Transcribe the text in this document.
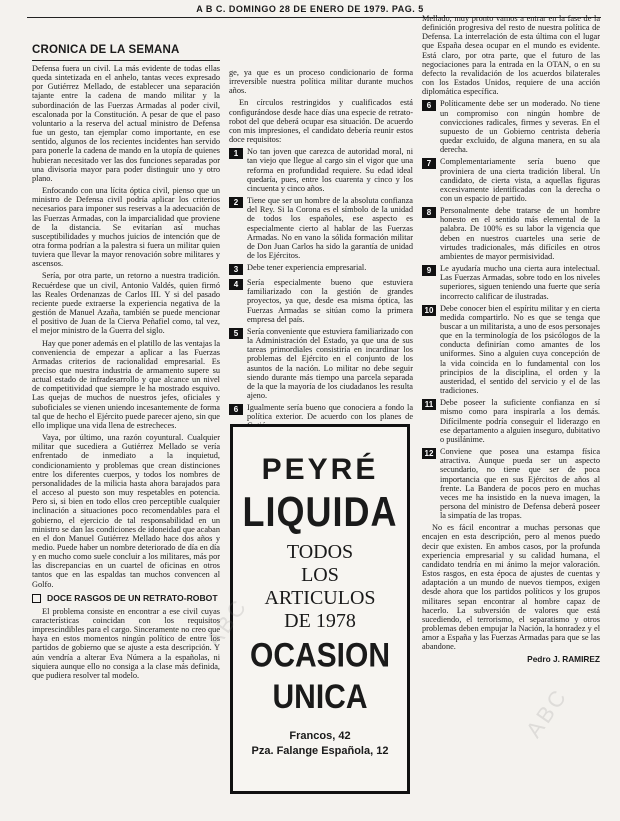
A B C. DOMINGO 28 DE ENERO DE 1979. PAG. 5
CRONICA DE LA SEMANA

Defensa fuera un civil. La más evidente de todas ellas queda sintetizada en el anhelo, tantas veces expresado por Gutiérrez Mellado, de establecer una separación tajante entre la cadena de mando militar y la subordinación de las Fuerzas Armadas al poder civil, escalonada por la Constitución. A pesar de que el paso voluntario a la reserva del actual ministro de Defensa fue un gesto, tan ejemplar como importante, en ese sentido, algunos de los recientes incidentes han servido para ponerle la cadena de mando en la utopía de quienes hubieran necesitado ver las dos funciones separadas por una divisoria mayor para poder distinguir uno y otro plano.

Enfocando con una lícita óptica civil, pienso que un ministro de Defensa civil podría aplicar los criterios necesarios para imponer sus reservas a la adecuación de las Fuerzas Armadas, con la imparcialidad que proviene de la distancia. Se evitarían así muchas susceptibilidades y muchos juicios de intención que de otra forma podrían a la palestra si fuera un militar quien tuviera que llevar la mayor renovación sobre militares y ascensos.

Sería, por otra parte, un retorno a nuestra tradición. Recuérdese que un civil, Antonio Valdés, quien firmó las Reales Ordenanzas de Carlos III. Y si del pasado reciente puede extraerse la experiencia negativa de la gestión de Manuel Azaña, también se puede mencionar el positivo de Juan de la Cierva Peñafiel como, tal vez, el mejor ministro de la Guerra del siglo.

Hay que poner además en el platillo de las ventajas la conveniencia de empezar a aplicar a las Fuerzas Armadas criterios de racionalidad empresarial. Es preciso que nuestra industria de armamento supere su actual estado de infradesarrollo y que alcance un nivel de competitividad que siempre le ha mostrado esquivo. Las quejas de muchos de nuestros jefes, oficiales y suboficiales se vienen uniendo incesantemente de forma tal que de hecho el Ejército puede parecer ajeno, sin que ello implique una vida llena de estrecheces.

Vaya, por último, una razón coyuntural. Cualquier militar que sucediera a Gutiérrez Mellado se vería enfrentado de inmediato a la inquietud, condicionamiento y problemas que crean distinciones entre los diferentes cuerpos, y todos los nombres de personalidades de la milicia hasta ahora barajados para el acceso al puesto son muy respetables en potencia. Pero si, si bien en todo ellos creo perceptible cualquier inclinación a situaciones poco recomendables para el gobierno, el ejercicio de tal responsabilidad en un ministro se dan las condiciones de idoneidad que acaban en el don Manuel Gutiérrez Mellado hace dos años y medio. Puede haber un nombre deteriorado de día en día y en mucho como suele concluir a los militares, más por las discrepancias en un cuartel de oficinas en otros tantos que en las espaldas tan muchos convencen al Golfo.

DOCE RASGOS DE UN RETRATO-ROBOT

El problema consiste en encontrar a ese civil cuyas características coincidan con los requisitos imprescindibles para el cargo. Sinceramente no creo que haya en estos momentos ningún político de entre los partidos de gobierno que se ajuste a esta descripción. Y aún vendría a alterar Eva Númera a la españolas, ni siquiera aunque ello no consiga a la clase más definida, que pudiera resolver tal modelo.

ge, ya que es un proceso condicionario de forma irreversible nuestra política militar durante muchos años.

En círculos restringidos y cualificados está configurándose desde hace días una especie de retrato-robot del que deberá ocupar esa situación. De acuerdo con mis impresiones, el candidato debería reunir estos doce requisitos:

1	No tan joven que carezca de autoridad moral, ni tan viejo que llegue al cargo sin el vigor que una reforma en profundidad requiere. Su edad ideal quedaría, pues, entre los cuarenta y cinco y los cincuenta y cinco años.

2	Tiene que ser un hombre de la absoluta confianza del Rey. Si la Corona es el símbolo de la unidad de todos los españoles, ese aspecto es especialmente cierto al hablar de las Fuerzas Armadas. No en vano la sólida formación militar de Don Juan Carlos ha sido la garantía de unidad de los Ejércitos.

3	Debe tener experiencia empresarial.

4	Sería especialmente bueno que estuviera familiarizado con la gestión de grandes proyectos, ya que, desde esa misma óptica, las Fuerzas Armadas se sitúan como la primera empresa del país.

5	Sería conveniente que estuviera familiarizado con la Administración del Estado, ya que una de sus tareas primordiales consistiría en incardinar los problemas del Ejército en el conjunto de los asuntos de la nación. Lo militar no debe seguir siendo durante más tiempo una parcela separada de la que la mayoría de los ciudadanos les resulta ajeno.

6	Igualmente sería bueno que conociera a fondo la política exterior. De acuerdo con los planes de

PEYRÉ
LIQUIDA
TODOS
LOS
ARTICULOS
DE 1978
OCASION
UNICA
Francos, 42
Pza. Falange Española, 12

Mellado, muy pronto vamos a entrar en la fase de la definición progresiva del resto de nuestra política de Defensa. La interrelación de esta última con el lugar que España desea ocupar en el mundo es evidente. Está claro, por otra parte, que el futuro de las negociaciones para la entrada en la OTAN, o en su defecto la revalidación de los acuerdos bilaterales con los Estados Unidos, requiere de una acción diplomática específica.

6	Políticamente debe ser un moderado. No tiene un compromiso con ningún hombre de convicciones radicales, firmes y severas. En el supuesto de un Gobierno centrista debería quedar excluido, de alguna manera, en su ala derecha.

7	Complementariamente sería bueno que proviniera de una cierta tradición liberal. Un candidato, de cierta vista, a aquellas figuras excesivamente identificadas con la derecha o con un espacio de partido.

8	Personalmente debe tratarse de un hombre honesto en el sentido más elemental de la palabra. De 100% es su labor la vigencia que deben en nuestros cuarteles una serie de virtudes tradicionales, más difíciles en otros ambientes de mayor permisividad.

9	Le ayudaría mucho una cierta aura intelectual. Las Fuerzas Armadas, sobre todo en los niveles superiores, siguen teniendo una fuerte que sería incorrecto calificar de ilustradas.

10 Debe conocer bien el espíritu militar y en cierta medida compartirlo. No es que se tenga que buscar a un militarista, a uno de esos personajes que en la terminología de los psicólogos de la conducta definirían como amantes de los uniformes. Sino a alguien cuya concepción de la vida coincida en lo fundamental con los principios de la disciplina, el orden y la austeridad, el sentido del servicio y el de las tradiciones.

11 Debe poseer la suficiente confianza en sí mismo como para inspirarla a los demás. Difícilmente podría conseguir el liderazgo en ese departamento a alguien inseguro, dubitativo o pusilánime.

12 Conviene que posea una estampa física atractiva. Aunque pueda ser un aspecto secundario, no tiene que ser de poca importancia que en sus Ejércitos de años al frente. La Bandera de pocos pero en muchas veces me ha insistido en la nueva imagen, la persona del ministro de Defensa deberá poseer la simpatía de las tropas.

No es fácil encontrar a muchas personas que encajen en esta descripción, pero al menos puedo decir que existen. En ambos casos, por la profunda experiencia empresarial y su calidad humana, el candidato tendría en mi ánimo la mejor valoración. Estos rasgos, en esta época de ajustes de cuentas y adaptación a un mundo de nuevos tiempos, exigen desde ahora que los partidos políticos y los grupos militares sepan encontrar al hombre capaz de hacerlo. La subversión de valores que está sucediendo, el terrorismo, el separatismo y otros problemas deben empujar la Nación, la honradez y el amor a España y las Fuerzas Armadas para que se las abandone.

Pedro J. RAMIREZ
ABC
ABC
